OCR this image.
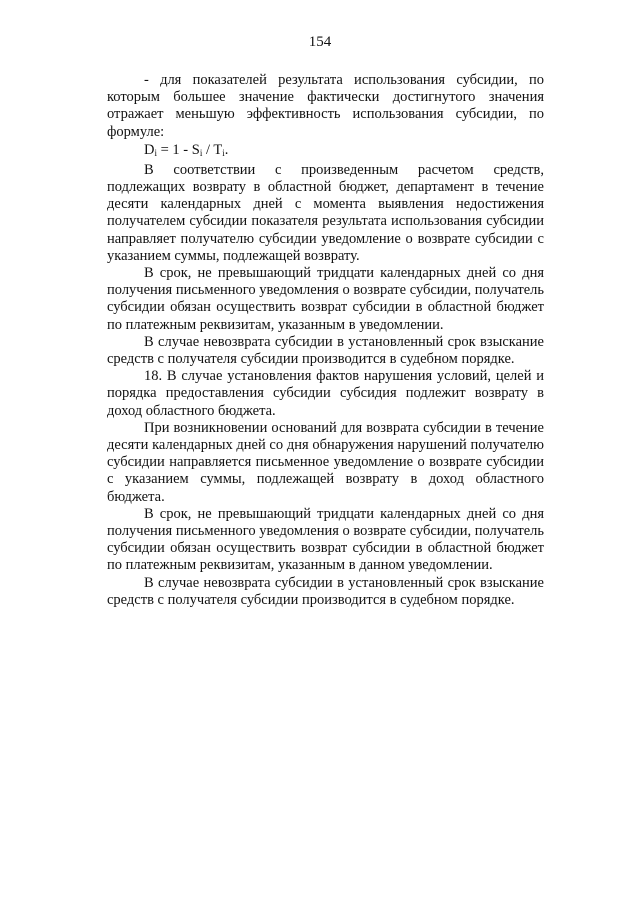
154

- для показателей результата использования субсидии, по которым большее значение фактически достигнутого значения отражает меньшую эффективность использования субсидии, по формуле:

$D_i = 1 - S_i / T_i$.

В соответствии с произведенным расчетом средств, подлежащих возврату в областной бюджет, департамент в течение десяти календарных дней с момента выявления недостижения получателем субсидии показателя результата использования субсидии направляет получателю субсидии уведомление о возврате субсидии с указанием суммы, подлежащей возврату.

В срок, не превышающий тридцати календарных дней со дня получения письменного уведомления о возврате субсидии, получатель субсидии обязан осуществить возврат субсидии в областной бюджет по платежным реквизитам, указанным в уведомлении.

В случае невозврата субсидии в установленный срок взыскание средств с получателя субсидии производится в судебном порядке.

18. В случае установления фактов нарушения условий, целей и порядка предоставления субсидии субсидия подлежит возврату в доход областного бюджета.

При возникновении оснований для возврата субсидии в течение десяти календарных дней со дня обнаружения нарушений получателю субсидии направляется письменное уведомление о возврате субсидии с указанием суммы, подлежащей возврату в доход областного бюджета.

В срок, не превышающий тридцати календарных дней со дня получения письменного уведомления о возврате субсидии, получатель субсидии обязан осуществить возврат субсидии в областной бюджет по платежным реквизитам, указанным в данном уведомлении.

В случае невозврата субсидии в установленный срок взыскание средств с получателя субсидии производится в судебном порядке.
